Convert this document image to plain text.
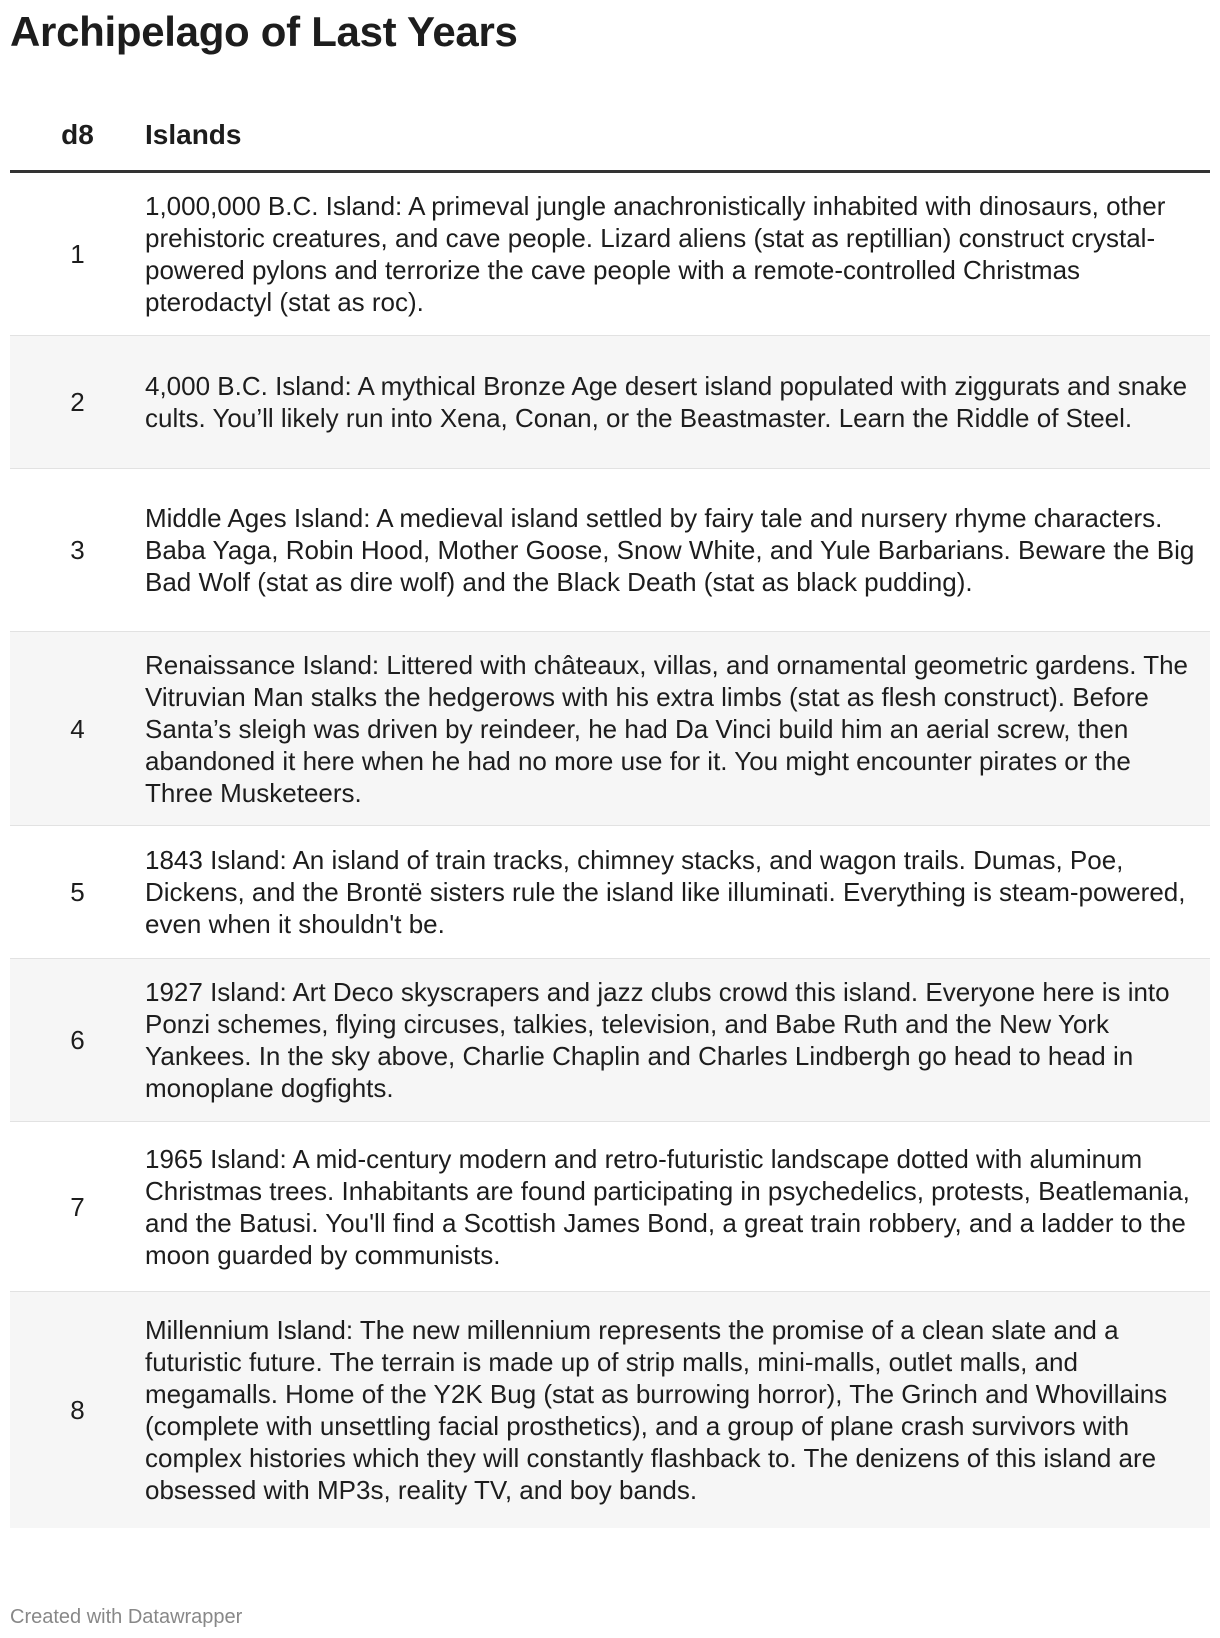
Archipelago of Last Years
d8	Islands
1	1,000,000 B.C. Island: A primeval jungle anachronistically inhabited with dinosaurs, other prehistoric creatures, and cave people. Lizard aliens (stat as reptillian) construct crystal-powered pylons and terrorize the cave people with a remote-controlled Christmas pterodactyl (stat as roc).
2	4,000 B.C. Island: A mythical Bronze Age desert island populated with ziggurats and snake cults. You’ll likely run into Xena, Conan, or the Beastmaster. Learn the Riddle of Steel.
3	Middle Ages Island: A medieval island settled by fairy tale and nursery rhyme characters. Baba Yaga, Robin Hood, Mother Goose, Snow White, and Yule Barbarians. Beware the Big Bad Wolf (stat as dire wolf) and the Black Death (stat as black pudding).
4	Renaissance Island: Littered with châteaux, villas, and ornamental geometric gardens. The Vitruvian Man stalks the hedgerows with his extra limbs (stat as flesh construct). Before Santa’s sleigh was driven by reindeer, he had Da Vinci build him an aerial screw, then abandoned it here when he had no more use for it. You might encounter pirates or the Three Musketeers.
5	1843 Island: An island of train tracks, chimney stacks, and wagon trails. Dumas, Poe, Dickens, and the Brontë sisters rule the island like illuminati. Everything is steam-powered, even when it shouldn't be.
6	1927 Island: Art Deco skyscrapers and jazz clubs crowd this island. Everyone here is into Ponzi schemes, flying circuses, talkies, television, and Babe Ruth and the New York Yankees. In the sky above, Charlie Chaplin and Charles Lindbergh go head to head in monoplane dogfights.
7	1965 Island: A mid-century modern and retro-futuristic landscape dotted with aluminum Christmas trees. Inhabitants are found participating in psychedelics, protests, Beatlemania, and the Batusi. You'll find a Scottish James Bond, a great train robbery, and a ladder to the moon guarded by communists.
8	Millennium Island: The new millennium represents the promise of a clean slate and a futuristic future. The terrain is made up of strip malls, mini-malls, outlet malls, and megamalls. Home of the Y2K Bug (stat as burrowing horror), The Grinch and Whovillains (complete with unsettling facial prosthetics), and a group of plane crash survivors with complex histories which they will constantly flashback to. The denizens of this island are obsessed with MP3s, reality TV, and boy bands.
Created with Datawrapper
